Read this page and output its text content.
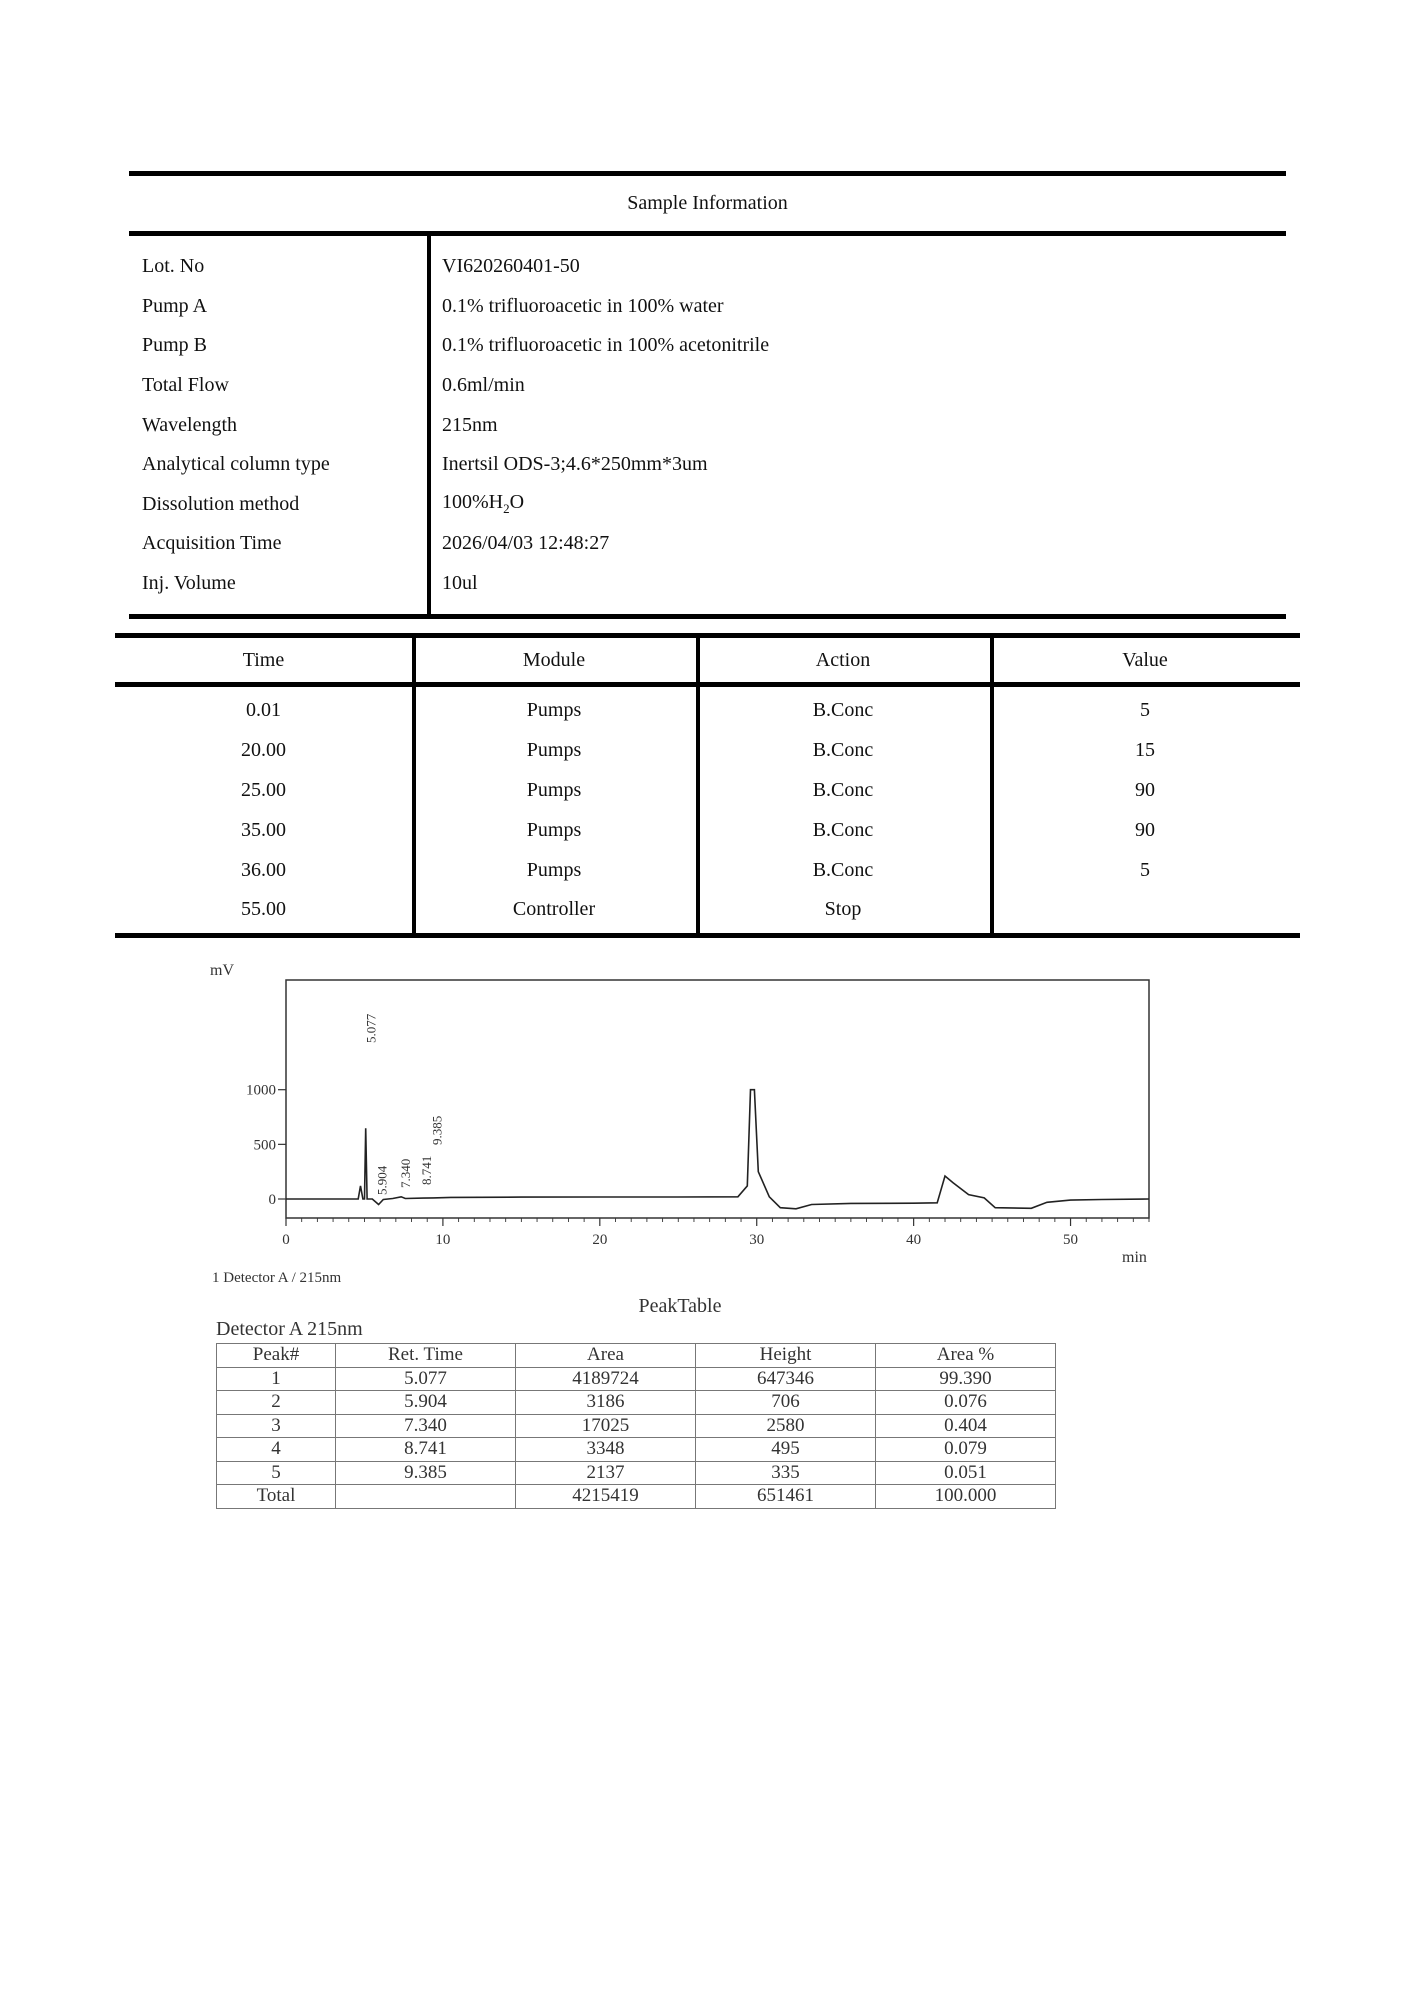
Sample Information
Lot. No	VI620260401-50
Pump A	0.1% trifluoroacetic in 100% water
Pump B	0.1% trifluoroacetic in 100% acetonitrile
Total Flow	0.6ml/min
Wavelength	215nm
Analytical column type	Inertsil ODS-3;4.6*250mm*3um
Dissolution method	$100\%H_2O$
Acquisition Time	2026/04/03 12:48:27
Inj. Volume	10ul
Time	Module	Action	Value
0.01	Pumps	B.Conc	5
20.00	Pumps	B.Conc	15
25.00	Pumps	B.Conc	90
35.00	Pumps	B.Conc	90
36.00	Pumps	B.Conc	5
55.00	Controller	Stop
mV
min
1 Detector A / 215nm
1000
500
0
0	10	20	30	40	50
5.077
5.904 7.340 8.741
9.385
PeakTable
Detector A 215nm
Peak#	Ret. Time	Area	Height	Area %
1	5.077	4189724	647346	99.390
2	5.904	3186	706	0.076
3	7.340	17025	2580	0.404
4	8.741	3348	495	0.079
5	9.385	2137	335	0.051
Total		4215419	651461	100.000
